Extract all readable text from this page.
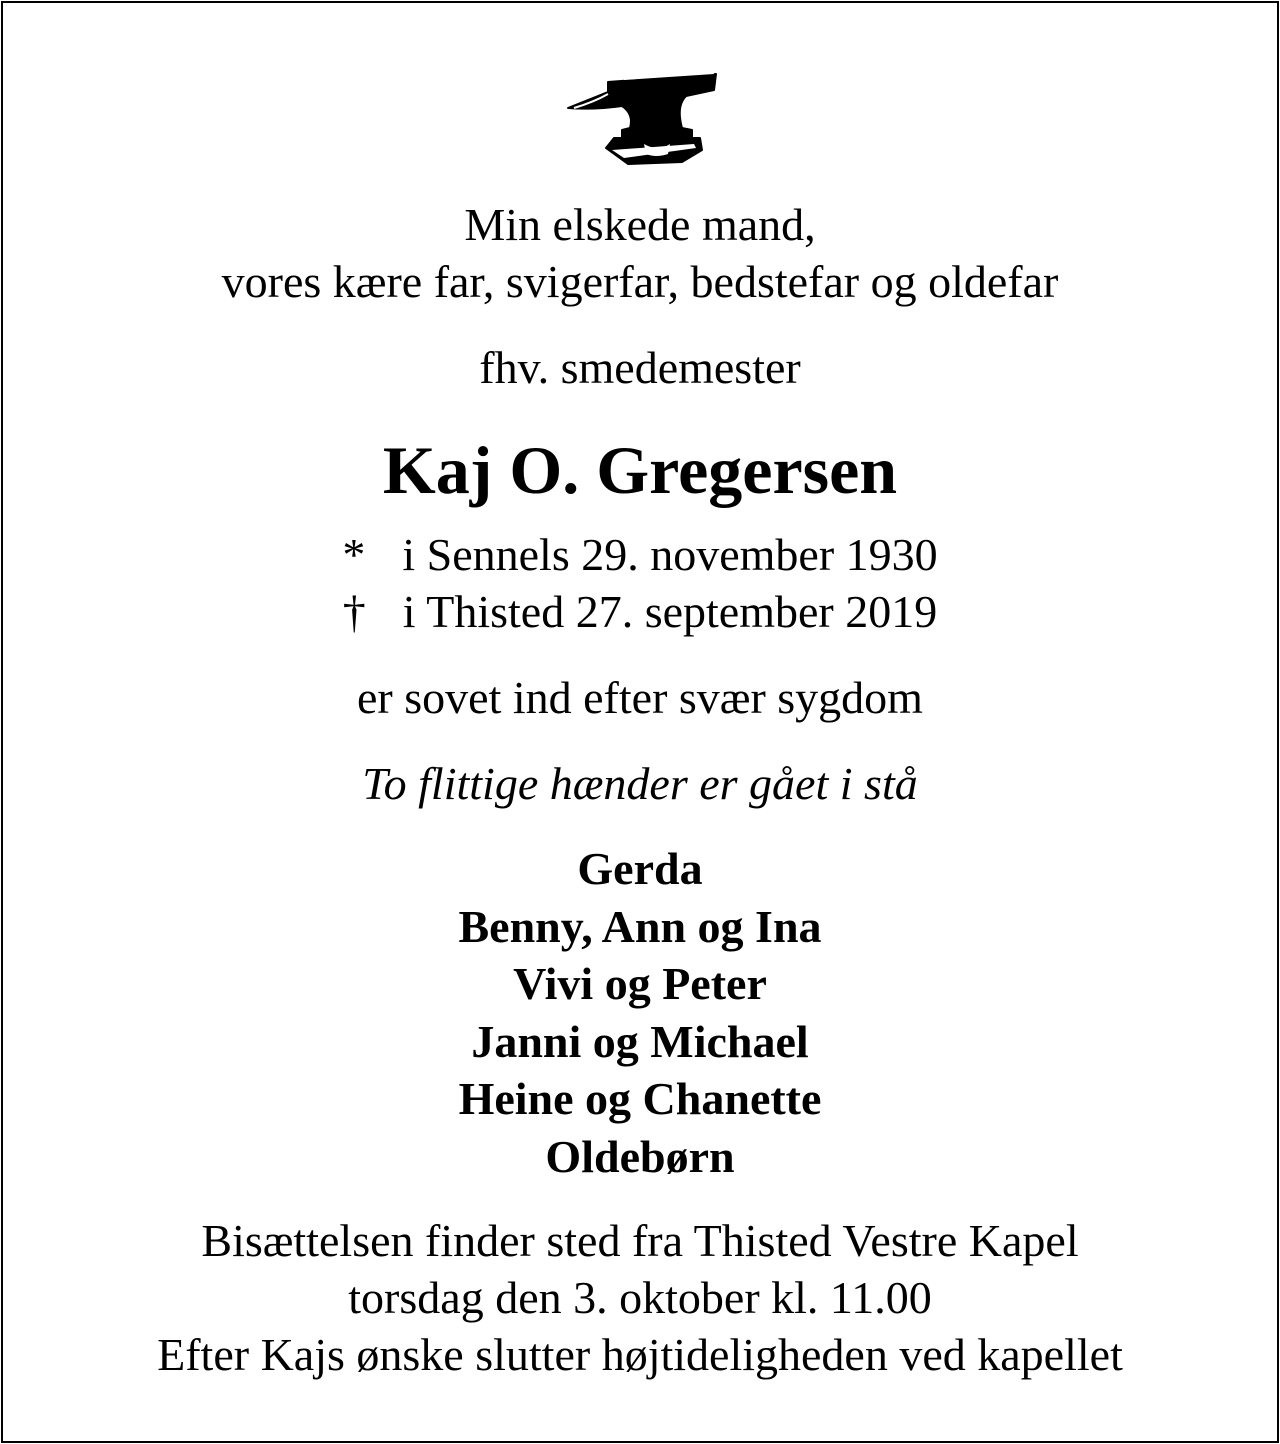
Min elskede mand,
vores kære far, svigerfar, bedstefar og oldefar
fhv. smedemester
Kaj O. Gregersen
* i Sennels 29. november 1930
† i Thisted 27. september 2019
er sovet ind efter svær sygdom
To flittige hænder er gået i stå
Gerda
Benny, Ann og Ina
Vivi og Peter
Janni og Michael
Heine og Chanette
Oldebørn
Bisættelsen finder sted fra Thisted Vestre Kapel
torsdag den 3. oktober kl. 11.00
Efter Kajs ønske slutter højtideligheden ved kapellet
